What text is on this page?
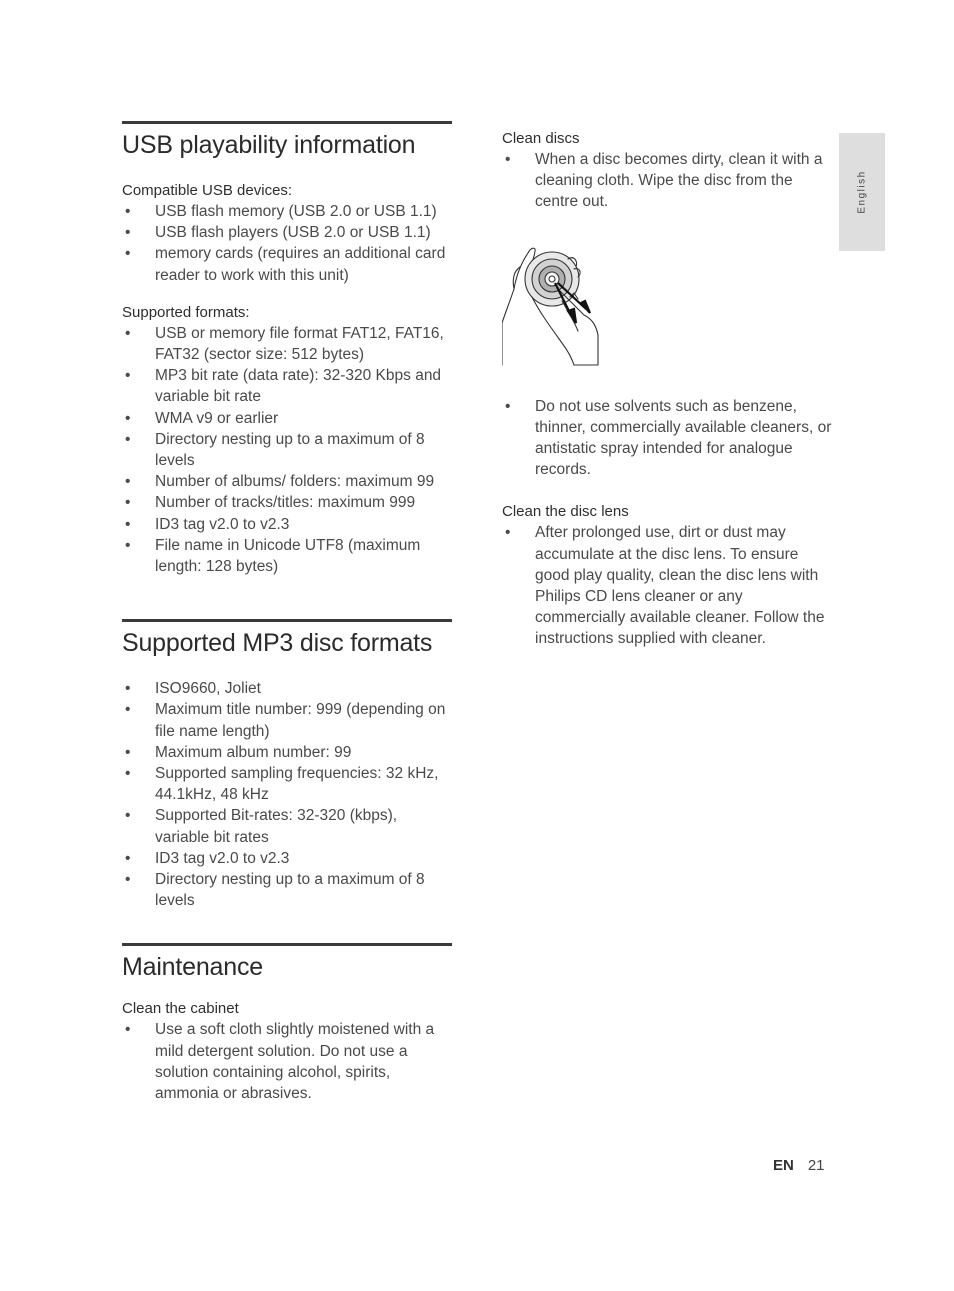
USB playability information

Compatible USB devices:

• USB flash memory (USB 2.0 or USB 1.1)
• USB flash players (USB 2.0 or USB 1.1)
• memory cards (requires an additional card reader to work with this unit)

Supported formats:

• USB or memory file format FAT12, FAT16, FAT32 (sector size: 512 bytes)
• MP3 bit rate (data rate): 32-320 Kbps and variable bit rate
• WMA v9 or earlier
• Directory nesting up to a maximum of 8 levels
• Number of albums/ folders: maximum 99
• Number of tracks/titles: maximum 999
• ID3 tag v2.0 to v2.3
• File name in Unicode UTF8 (maximum length: 128 bytes)
Supported MP3 disc formats
• ISO9660, Joliet
• Maximum title number: 999 (depending on file name length)
• Maximum album number: 99
• Supported sampling frequencies: 32 kHz, 44.1kHz, 48 kHz
• Supported Bit-rates: 32-320 (kbps), variable bit rates
• ID3 tag v2.0 to v2.3
• Directory nesting up to a maximum of 8 levels
Maintenance

Clean the cabinet

• Use a soft cloth slightly moistened with a mild detergent solution. Do not use a solution containing alcohol, spirits, ammonia or abrasives.

Clean discs

• When a disc becomes dirty, clean it with a cleaning cloth. Wipe the disc from the centre out.
• Do not use solvents such as benzene, thinner, commercially available cleaners, or antistatic spray intended for analogue records.

Clean the disc lens

• After prolonged use, dirt or dust may accumulate at the disc lens. To ensure good play quality, clean the disc lens with Philips CD lens cleaner or any commercially available cleaner. Follow the instructions supplied with cleaner.
English
EN 21
